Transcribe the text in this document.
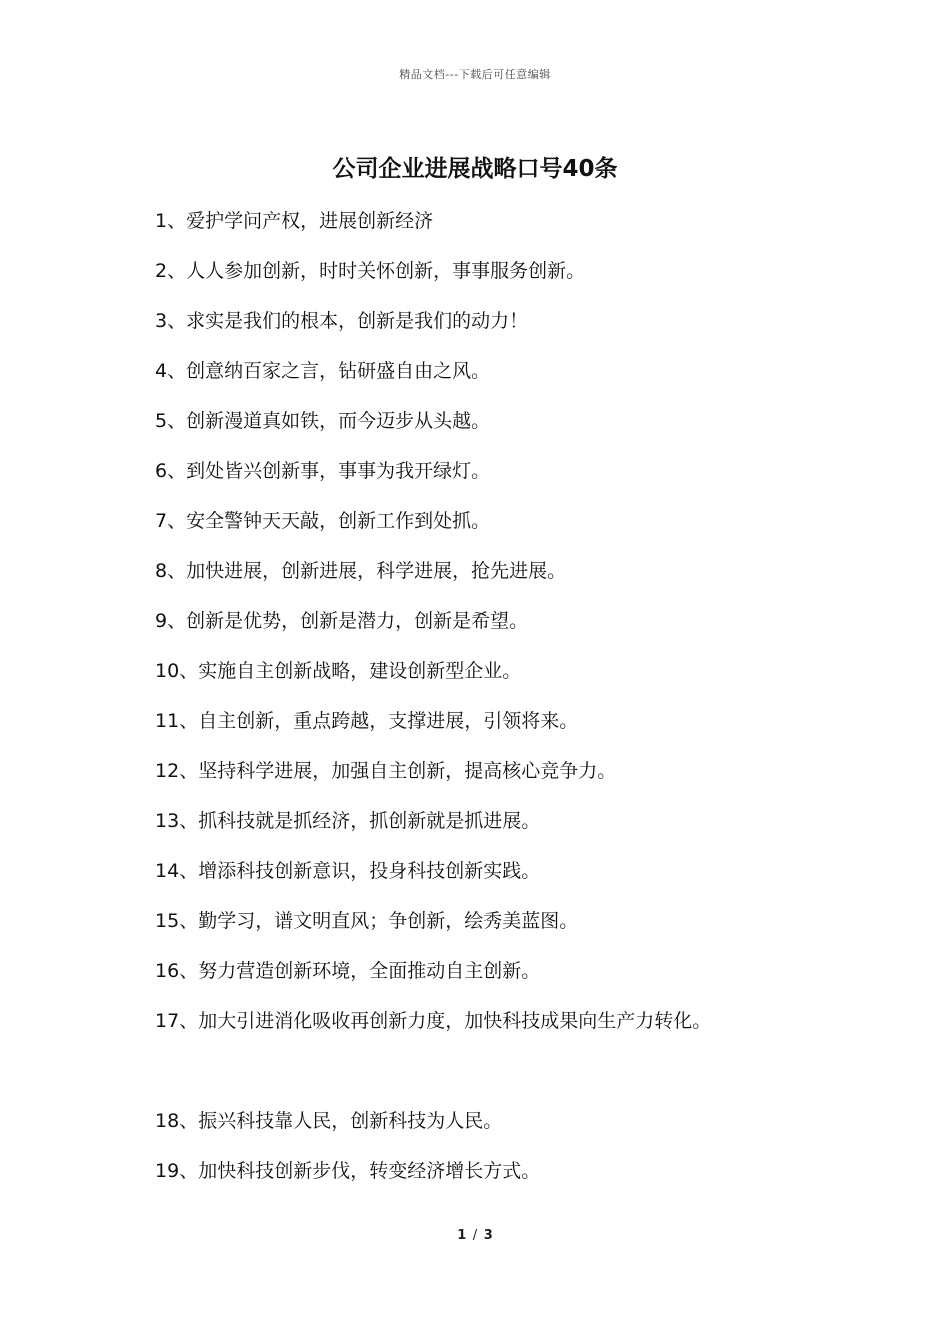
精品文档---下载后可任意编辑
公司企业进展战略口号40条
1、爱护学问产权，进展创新经济
2、人人参加创新，时时关怀创新，事事服务创新。
3、求实是我们的根本，创新是我们的动力！
4、创意纳百家之言，钻研盛自由之风。
5、创新漫道真如铁，而今迈步从头越。
6、到处皆兴创新事，事事为我开绿灯。
7、安全警钟天天敲，创新工作到处抓。
8、加快进展，创新进展，科学进展，抢先进展。
9、创新是优势，创新是潜力，创新是希望。
10、实施自主创新战略，建设创新型企业。
11、自主创新，重点跨越，支撑进展，引领将来。
12、坚持科学进展，加强自主创新，提高核心竞争力。
13、抓科技就是抓经济，抓创新就是抓进展。
14、增添科技创新意识，投身科技创新实践。
15、勤学习，谱文明直风；争创新，绘秀美蓝图。
16、努力营造创新环境，全面推动自主创新。
17、加大引进消化吸收再创新力度，加快科技成果向生产力转化。
18、振兴科技靠人民，创新科技为人民。
19、加快科技创新步伐，转变经济增长方式。
1 / 3
